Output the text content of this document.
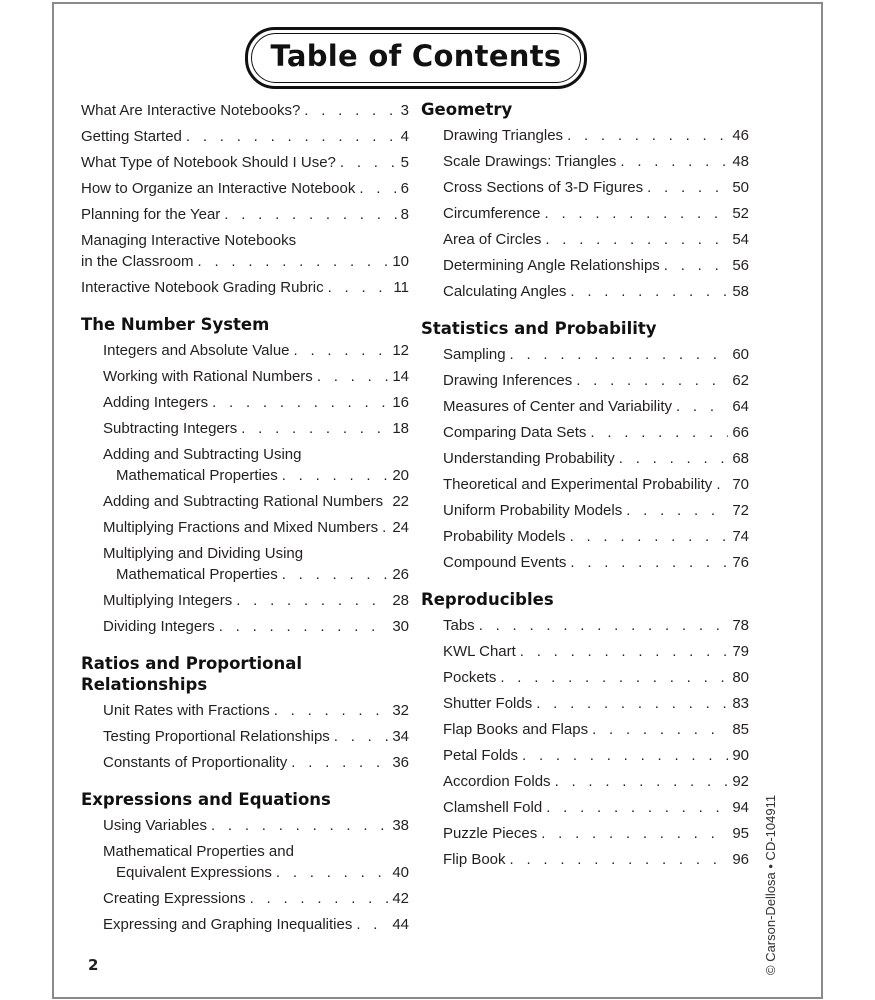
Table of Contents
What Are Interactive Notebooks? . . .	3
Getting Started . . .	4
What Type of Notebook Should I Use? . . .	5
How to Organize an Interactive Notebook . . .	6
Planning for the Year . . .	8
Managing Interactive Notebooks
in the Classroom . . .	10
Interactive Notebook Grading Rubric . . .	11
The Number System
Integers and Absolute Value . . .	12
Working with Rational Numbers . . .	14
Adding Integers . . .	16
Subtracting Integers . . .	18
Adding and Subtracting Using
Mathematical Properties . . .	20
Adding and Subtracting Rational Numbers . . . 22
Multiplying Fractions and Mixed Numbers . . . 24
Multiplying and Dividing Using
Mathematical Properties . . .	26
Multiplying Integers . . .	28
Dividing Integers . . .	30
Ratios and Proportional
Relationships
Unit Rates with Fractions . . .	32
Testing Proportional Relationships . . .	34
Constants of Proportionality . . .	36
Expressions and Equations
Using Variables . . .	38
Mathematical Properties and
Equivalent Expressions . . .	40
Creating Expressions . . .	42
Expressing and Graphing Inequalities . . .	44
Geometry
Drawing Triangles . . .	46
Scale Drawings: Triangles . . .	48
Cross Sections of 3-D Figures . . .	50
Circumference . . .	52
Area of Circles . . .	54
Determining Angle Relationships . . .	56
Calculating Angles . . .	58
Statistics and Probability
Sampling . . .	60
Drawing Inferences . . .	62
Measures of Center and Variability . . .	64
Comparing Data Sets . . .	66
Understanding Probability . . .	68
Theoretical and Experimental Probability . . . 70
Uniform Probability Models . . .	72
Probability Models . . .	74
Compound Events . . .	76
Reproducibles
Tabs . . .	78
KWL Chart . . .	79
Pockets . . .	80
Shutter Folds . . .	83
Flap Books and Flaps . . .	85
Petal Folds . . .	90
Accordion Folds . . .	92
Clamshell Fold . . .	94
Puzzle Pieces . . .	95
Flip Book . . .	96
2	© Carson-Dellosa • CD-104911
